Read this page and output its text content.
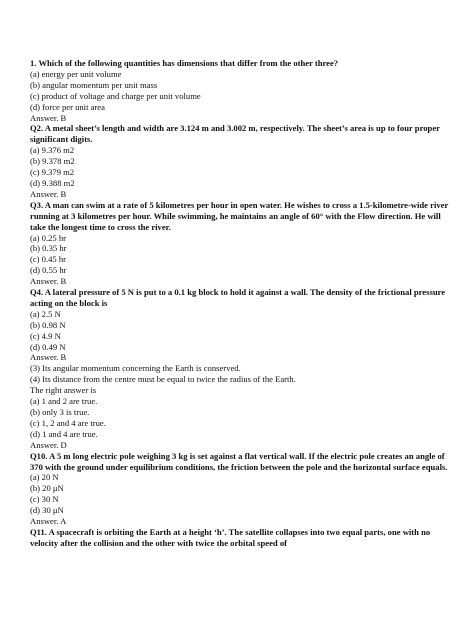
1. Which of the following quantities has dimensions that differ from the other three?
(a) energy per unit volume
(b) angular momentum per unit mass
(c) product of voltage and charge per unit volume
(d) force per unit area
Answer. B
Q2. A metal sheet’s length and width are 3.124 m and 3.002 m, respectively. The sheet’s area is up to four proper significant digits.
(a) 9.376 m2
(b) 9.378 m2
(c) 9.379 m2
(d) 9.388 m2
Answer. B
Q3. A man can swim at a rate of 5 kilometres per hour in open water. He wishes to cross a 1.5-kilometre-wide river running at 3 kilometres per hour. While swimming, he maintains an angle of 60° with the Flow direction. He will take the longest time to cross the river.
(a) 0.25 hr
(b) 0.35 hr
(c) 0.45 hr
(d) 0.55 hr
Answer. B
Q4. A lateral pressure of 5 N is put to a 0.1 kg block to hold it against a wall. The density of the frictional pressure acting on the block is
(a) 2.5 N
(b) 0.98 N
(c) 4.9 N
(d) 0.49 N
Answer. B
(3) Its angular momentum concerning the Earth is conserved.
(4) Its distance from the centre must be equal to twice the radius of the Earth.
The right answer is
(a) 1 and 2 are true.
(b) only 3 is true.
(c) 1, 2 and 4 are true.
(d) 1 and 4 are true.
Answer. D
Q10. A 5 m long electric pole weighing 3 kg is set against a flat vertical wall. If the electric pole creates an angle of 370 with the ground under equilibrium conditions, the friction between the pole and the horizontal surface equals.
(a) 20 N
(b) 20 μN
(c) 30 N
(d) 30 μN
Answer. A
Q11. A spacecraft is orbiting the Earth at a height ‘h’. The satellite collapses into two equal parts, one with no velocity after the collision and the other with twice the orbital speed of
